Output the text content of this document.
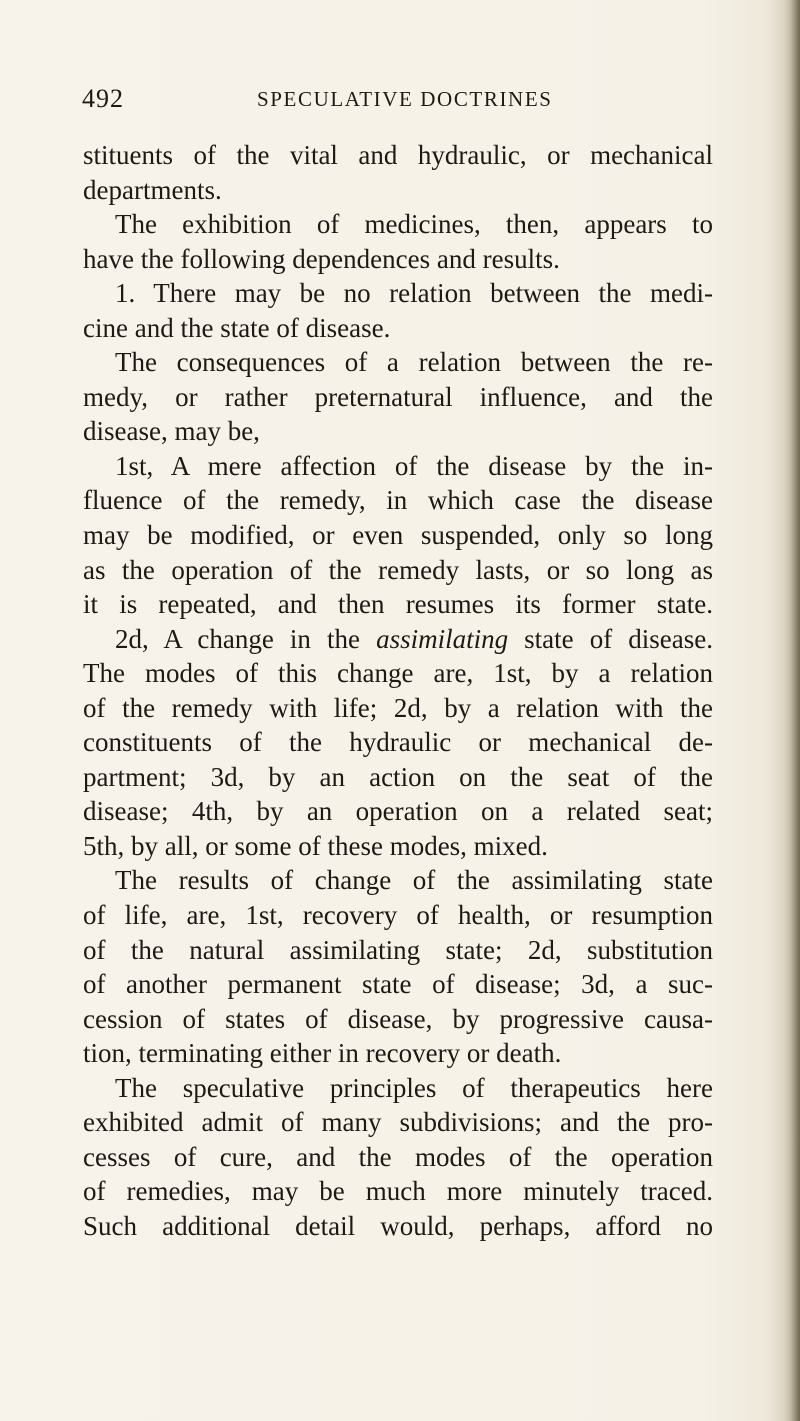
492	SPECULATIVE DOCTRINES
stituents of the vital and hydraulic, or mechanical
departments.
The exhibition of medicines, then, appears to
have the following dependences and results.
1. There may be no relation between the medi-
cine and the state of disease.
The consequences of a relation between the re-
medy, or rather preternatural influence, and the
disease, may be,
1st, A mere affection of the disease by the in-
fluence of the remedy, in which case the disease
may be modified, or even suspended, only so long
as the operation of the remedy lasts, or so long as
it is repeated, and then resumes its former state.
2d, A change in the assimilating state of disease.
The modes of this change are, 1st, by a relation
of the remedy with life; 2d, by a relation with the
constituents of the hydraulic or mechanical de-
partment; 3d, by an action on the seat of the
disease; 4th, by an operation on a related seat;
5th, by all, or some of these modes, mixed.
The results of change of the assimilating state
of life, are, 1st, recovery of health, or resumption
of the natural assimilating state; 2d, substitution
of another permanent state of disease; 3d, a suc-
cession of states of disease, by progressive causa-
tion, terminating either in recovery or death.
The speculative principles of therapeutics here
exhibited admit of many subdivisions; and the pro-
cesses of cure, and the modes of the operation
of remedies, may be much more minutely traced.
Such additional detail would, perhaps, afford no
